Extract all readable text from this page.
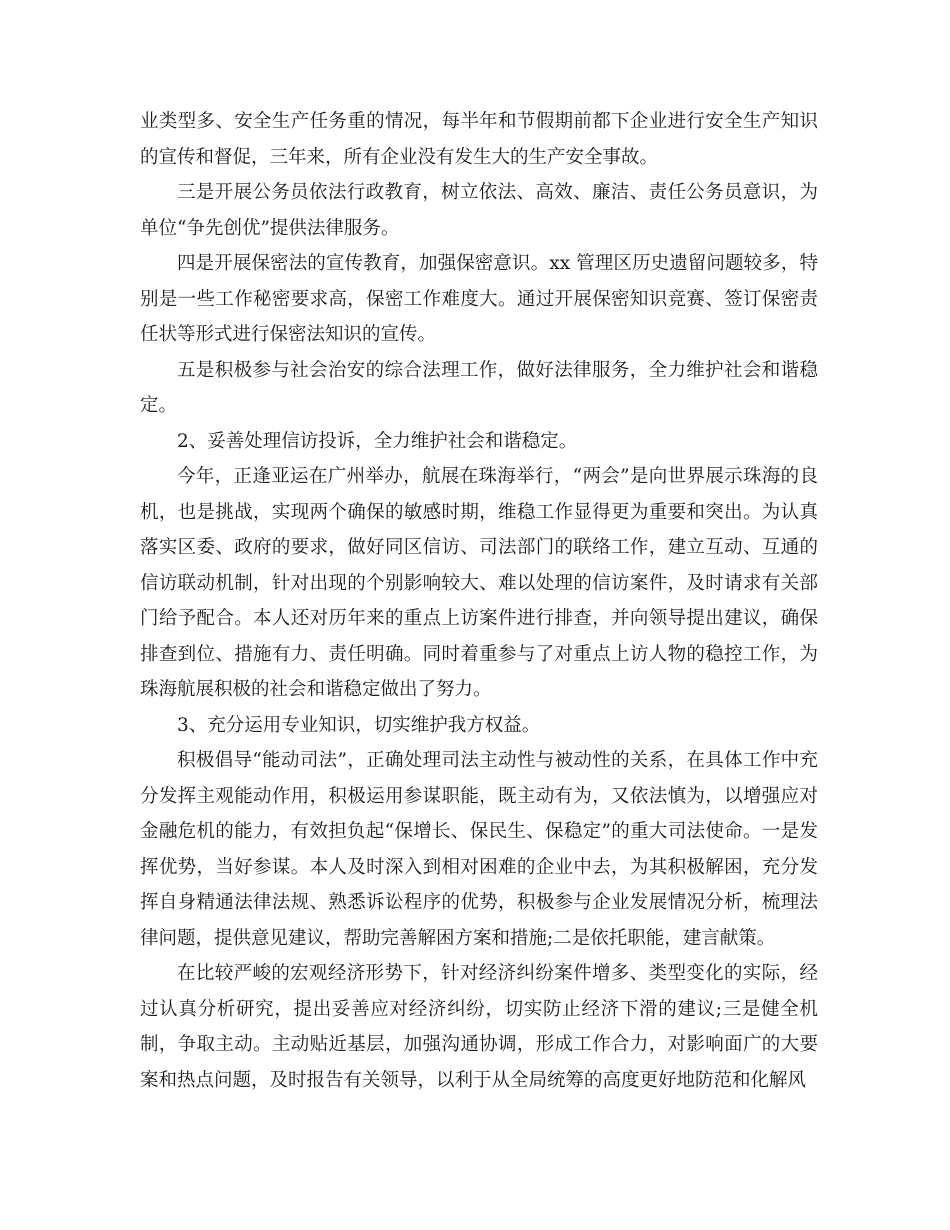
业类型多、安全生产任务重的情况，每半年和节假期前都下企业进行安全生产知识的宣传和督促，三年来，所有企业没有发生大的生产安全事故。

三是开展公务员依法行政教育，树立依法、高效、廉洁、责任公务员意识，为单位“争先创优”提供法律服务。

四是开展保密法的宣传教育，加强保密意识。xx 管理区历史遗留问题较多，特别是一些工作秘密要求高，保密工作难度大。通过开展保密知识竞赛、签订保密责任状等形式进行保密法知识的宣传。

五是积极参与社会治安的综合法理工作，做好法律服务，全力维护社会和谐稳定。

2、妥善处理信访投诉，全力维护社会和谐稳定。

今年，正逢亚运在广州举办，航展在珠海举行，“两会”是向世界展示珠海的良机，也是挑战，实现两个确保的敏感时期，维稳工作显得更为重要和突出。为认真落实区委、政府的要求，做好同区信访、司法部门的联络工作，建立互动、互通的信访联动机制，针对出现的个别影响较大、难以处理的信访案件，及时请求有关部门给予配合。本人还对历年来的重点上访案件进行排查，并向领导提出建议，确保排查到位、措施有力、责任明确。同时着重参与了对重点上访人物的稳控工作，为珠海航展积极的社会和谐稳定做出了努力。

3、充分运用专业知识，切实维护我方权益。

积极倡导“能动司法”，正确处理司法主动性与被动性的关系，在具体工作中充分发挥主观能动作用，积极运用参谋职能，既主动有为，又依法慎为，以增强应对金融危机的能力，有效担负起“保增长、保民生、保稳定”的重大司法使命。一是发挥优势，当好参谋。本人及时深入到相对困难的企业中去，为其积极解困，充分发挥自身精通法律法规、熟悉诉讼程序的优势，积极参与企业发展情况分析，梳理法律问题，提供意见建议，帮助完善解困方案和措施;二是依托职能，建言献策。

在比较严峻的宏观经济形势下，针对经济纠纷案件增多、类型变化的实际，经过认真分析研究，提出妥善应对经济纠纷，切实防止经济下滑的建议;三是健全机制，争取主动。主动贴近基层，加强沟通协调，形成工作合力，对影响面广的大要案和热点问题，及时报告有关领导，以利于从全局统筹的高度更好地防范和化解风
